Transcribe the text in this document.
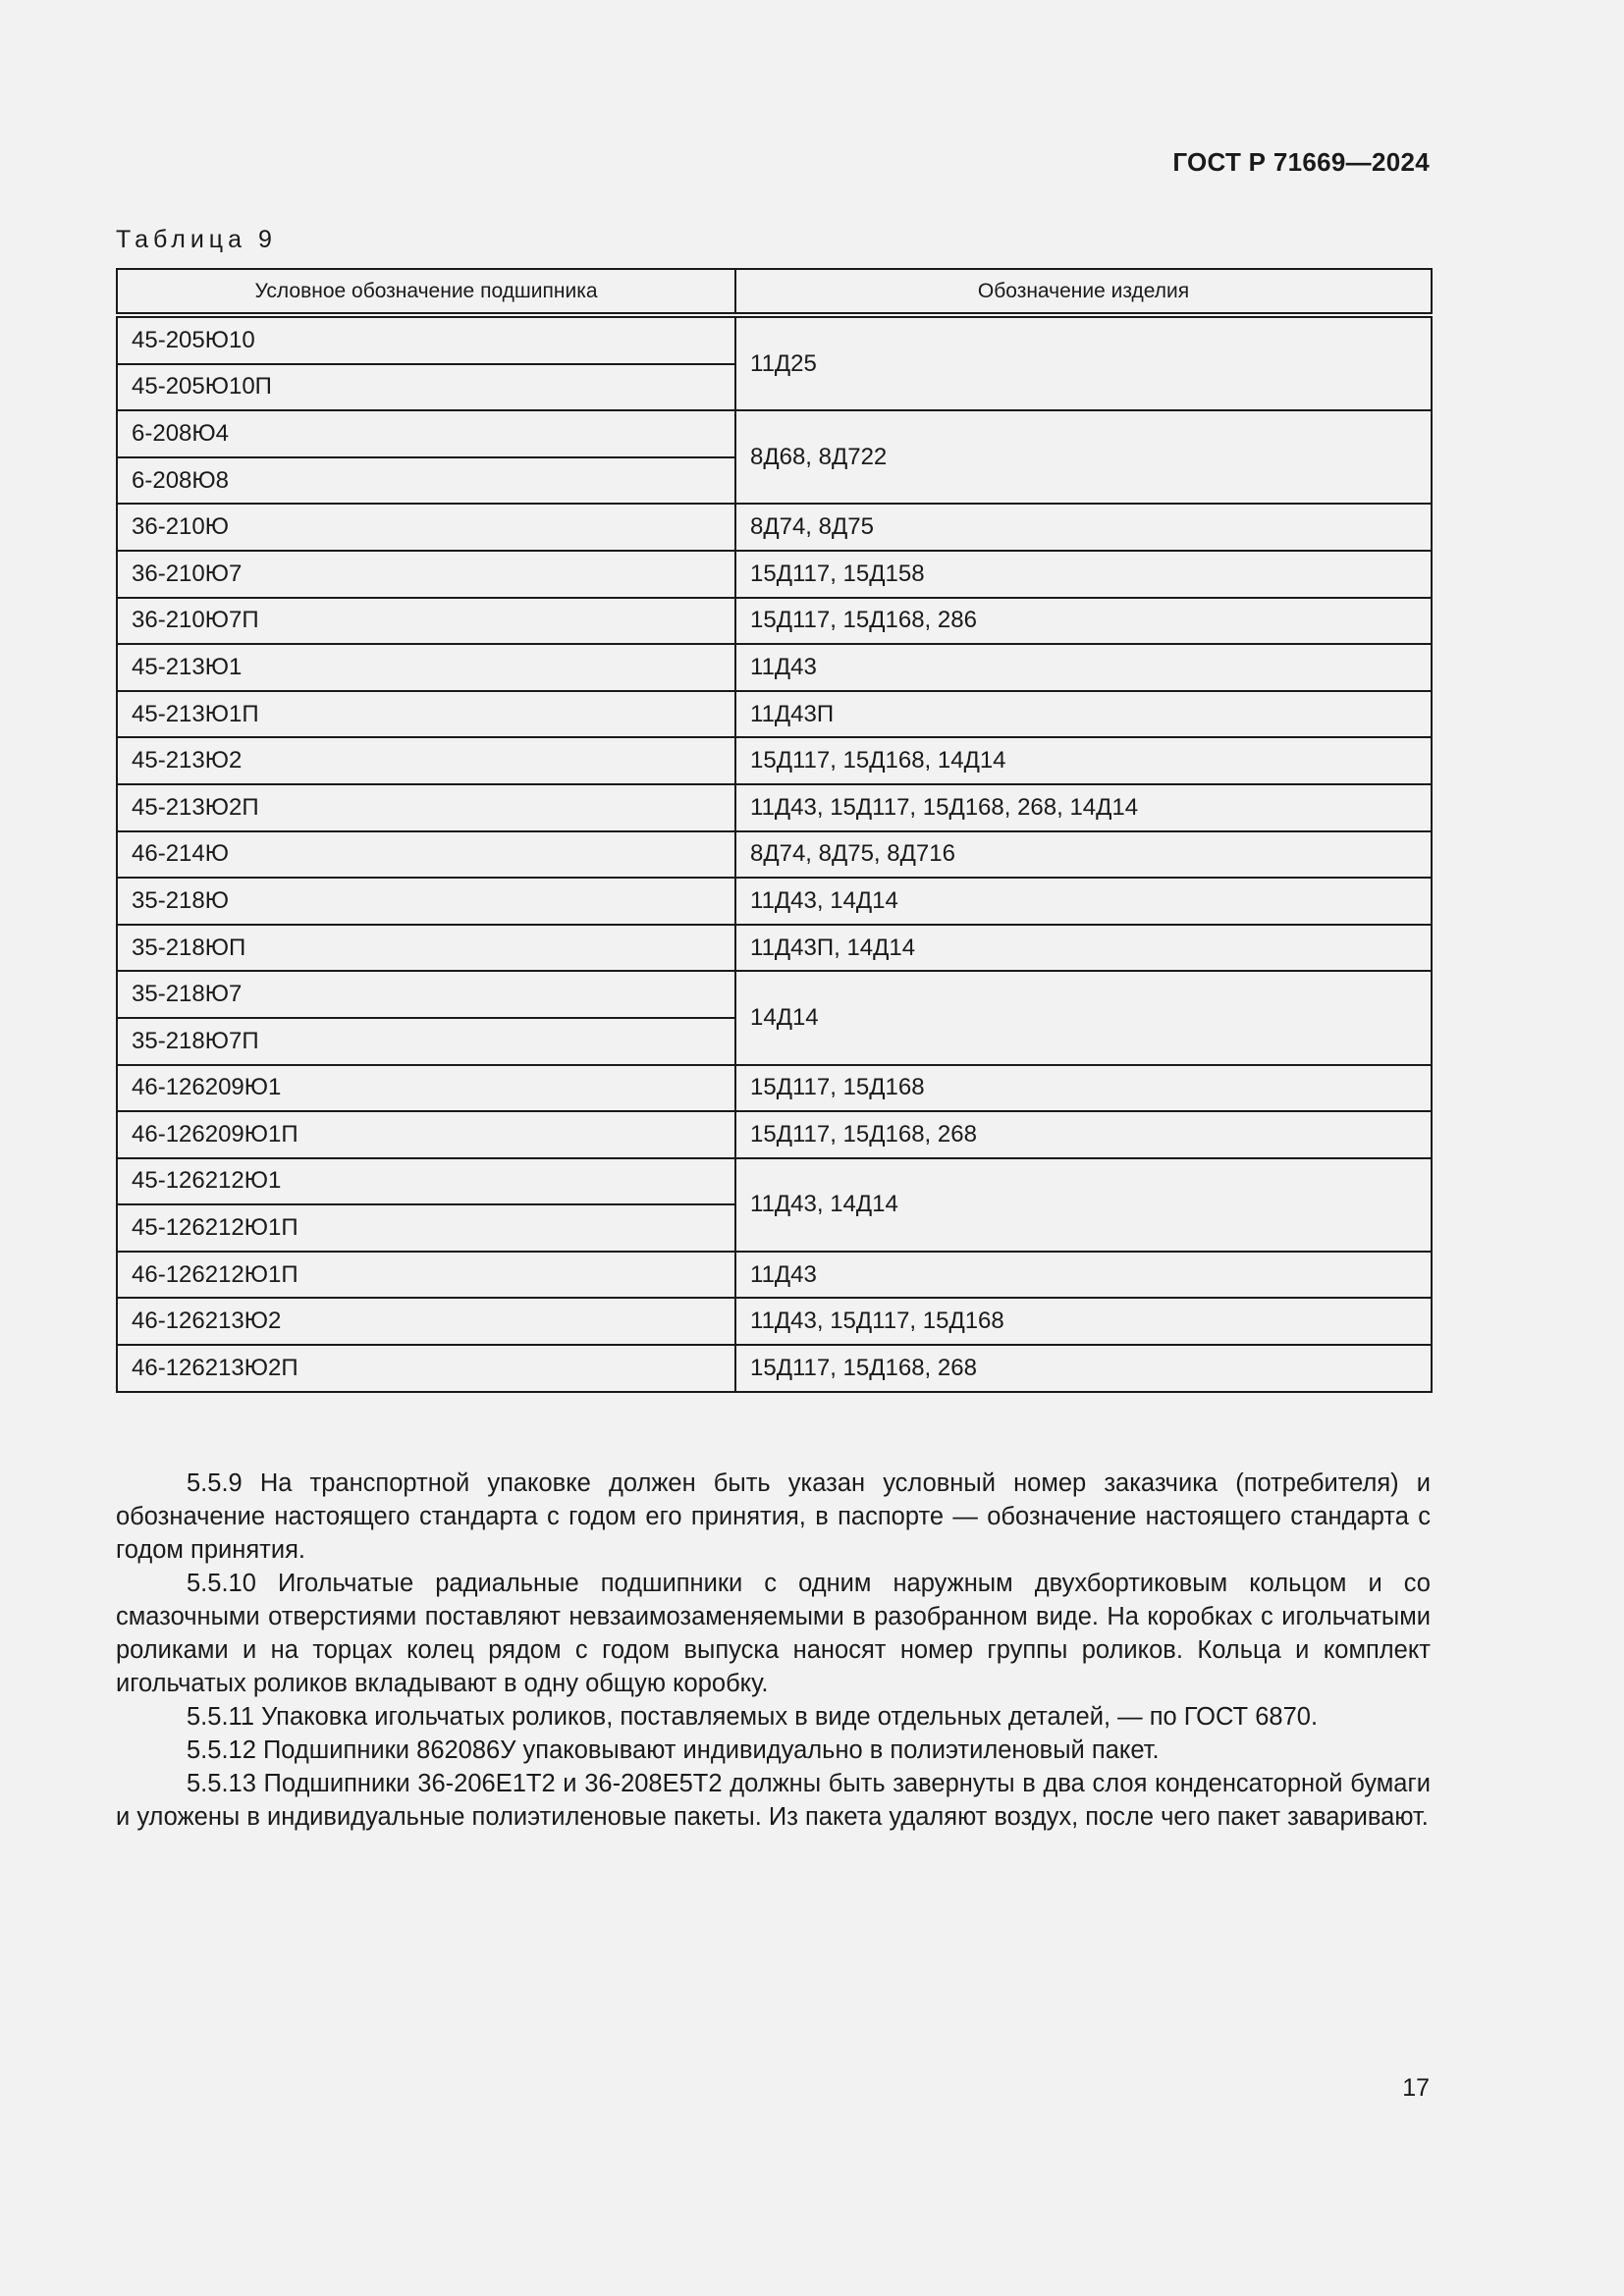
ГОСТ Р 71669—2024
Таблица 9
Условное обозначение подшипника	Обозначение изделия
45-205Ю10	11Д25
45-205Ю10П	
6-208Ю4	8Д68, 8Д722
6-208Ю8	
36-210Ю	8Д74, 8Д75
36-210Ю7	15Д117, 15Д158
36-210Ю7П	15Д117, 15Д168, 286
45-213Ю1	11Д43
45-213Ю1П	11Д43П
45-213Ю2	15Д117, 15Д168, 14Д14
45-213Ю2П	11Д43, 15Д117, 15Д168, 268, 14Д14
46-214Ю	8Д74, 8Д75, 8Д716
35-218Ю	11Д43, 14Д14
35-218ЮП	11Д43П, 14Д14
35-218Ю7	14Д14
35-218Ю7П	
46-126209Ю1	15Д117, 15Д168
46-126209Ю1П	15Д117, 15Д168, 268
45-126212Ю1	11Д43, 14Д14
45-126212Ю1П	
46-126212Ю1П	11Д43
46-126213Ю2	11Д43, 15Д117, 15Д168
46-126213Ю2П	15Д117, 15Д168, 268

5.5.9 На транспортной упаковке должен быть указан условный номер заказчика (потребителя) и обозначение настоящего стандарта с годом его принятия, в паспорте — обозначение настоящего стандарта с годом принятия.

5.5.10 Игольчатые радиальные подшипники с одним наружным двухбортиковым кольцом и со смазочными отверстиями поставляют невзаимозаменяемыми в разобранном виде. На коробках с игольчатыми роликами и на торцах колец рядом с годом выпуска наносят номер группы роликов. Кольца и комплект игольчатых роликов вкладывают в одну общую коробку.

5.5.11 Упаковка игольчатых роликов, поставляемых в виде отдельных деталей, — по ГОСТ 6870.

5.5.12 Подшипники 862086У упаковывают индивидуально в полиэтиленовый пакет.

5.5.13 Подшипники 36-206Е1Т2 и 36-208Е5Т2 должны быть завернуты в два слоя конденсаторной бумаги и уложены в индивидуальные полиэтиленовые пакеты. Из пакета удаляют воздух, после чего пакет заваривают.

17
